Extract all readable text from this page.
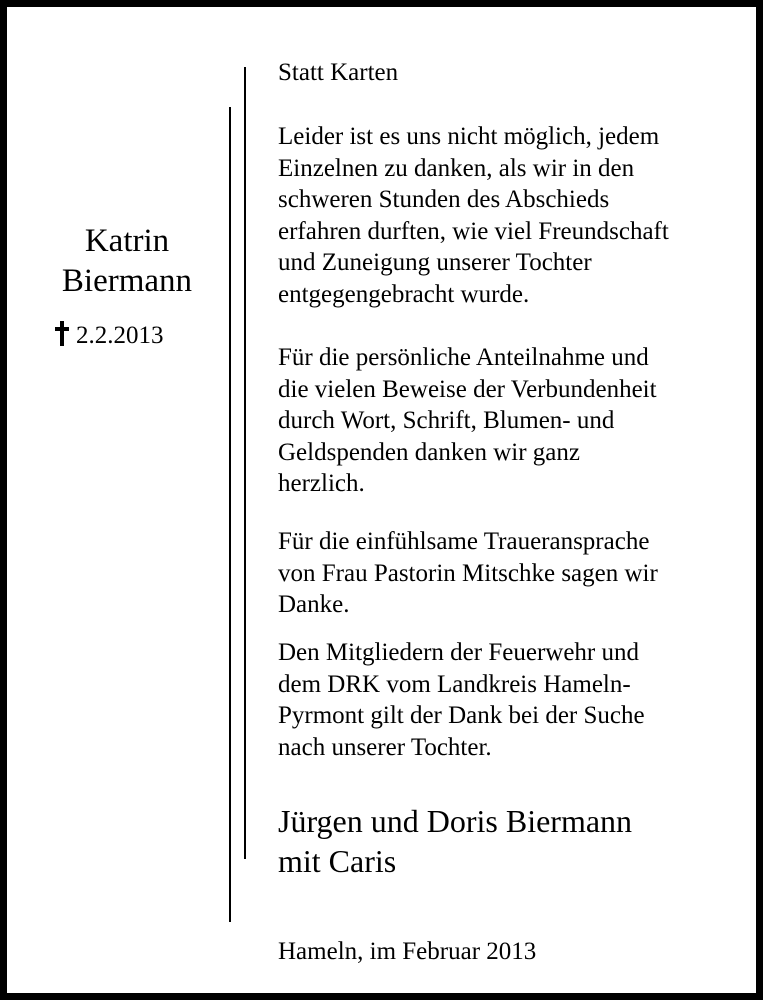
Katrin
Biermann
2.2.2013
Statt Karten
Leider ist es uns nicht möglich, jedem
Einzelnen zu danken, als wir in den
schweren Stunden des Abschieds
erfahren durften, wie viel Freundschaft
und Zuneigung unserer Tochter
entgegengebracht wurde.
Für die persönliche Anteilnahme und
die vielen Beweise der Verbundenheit
durch Wort, Schrift, Blumen- und
Geldspenden danken wir ganz
herzlich.
Für die einfühlsame Traueransprache
von Frau Pastorin Mitschke sagen wir
Danke.
Den Mitgliedern der Feuerwehr und
dem DRK vom Landkreis Hameln-
Pyrmont gilt der Dank bei der Suche
nach unserer Tochter.
Jürgen und Doris Biermann
mit Caris
Hameln, im Februar 2013
